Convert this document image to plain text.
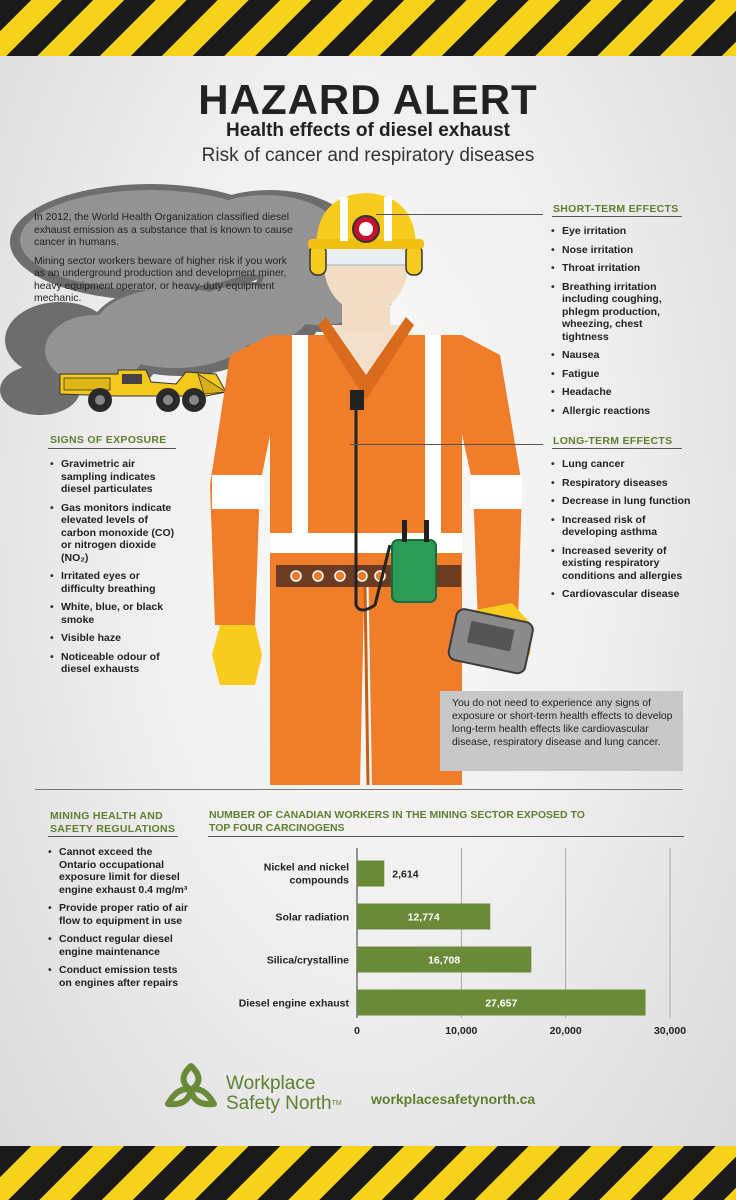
HAZARD ALERT
Health effects of diesel exhaust
Risk of cancer and respiratory diseases

In 2012, the World Health Organization classified diesel exhaust emission as a substance that is known to cause cancer in humans.

Mining sector workers beware of higher risk if you work as an underground production and development miner, heavy equipment operator, or heavy-duty equipment mechanic.

SHORT-TERM EFFECTS
• Eye irritation
• Nose irritation
• Throat irritation
• Breathing irritation including coughing, phlegm production, wheezing, chest tightness
• Nausea
• Fatigue
• Headache
• Allergic reactions
LONG-TERM EFFECTS
• Lung cancer
• Respiratory diseases
• Decrease in lung function
• Increased risk of developing asthma
• Increased severity of existing respiratory conditions and allergies
• Cardiovascular disease
SIGNS OF EXPOSURE
• Gravimetric air sampling indicates diesel particulates
• Gas monitors indicate elevated levels of carbon monoxide (CO) or nitrogen dioxide (NO₂)
• Irritated eyes or difficulty breathing
• White, blue, or black smoke
• Visible haze
• Noticeable odour of diesel exhausts
You do not need to experience any signs of exposure or short-term health effects to develop long-term health effects like cardiovascular disease, respiratory disease and lung cancer.
MINING HEALTH AND
SAFETY REGULATIONS
• Cannot exceed the Ontario occupational exposure limit for diesel engine exhaust 0.4 mg/m³
• Provide proper ratio of air flow to equipment in use
• Conduct regular diesel engine maintenance
• Conduct emission tests on engines after repairs
NUMBER OF CANADIAN WORKERS IN THE MINING SECTOR EXPOSED TO TOP FOUR CARCINOGENS
0	10,000	20,000	30,000
Nickel and nickel compounds	2,614
Solar radiation	12,774
Silica/crystalline	16,708
Diesel engine exhaust	27,657
Workplace
Safety North™ workplacesafetynorth.ca
